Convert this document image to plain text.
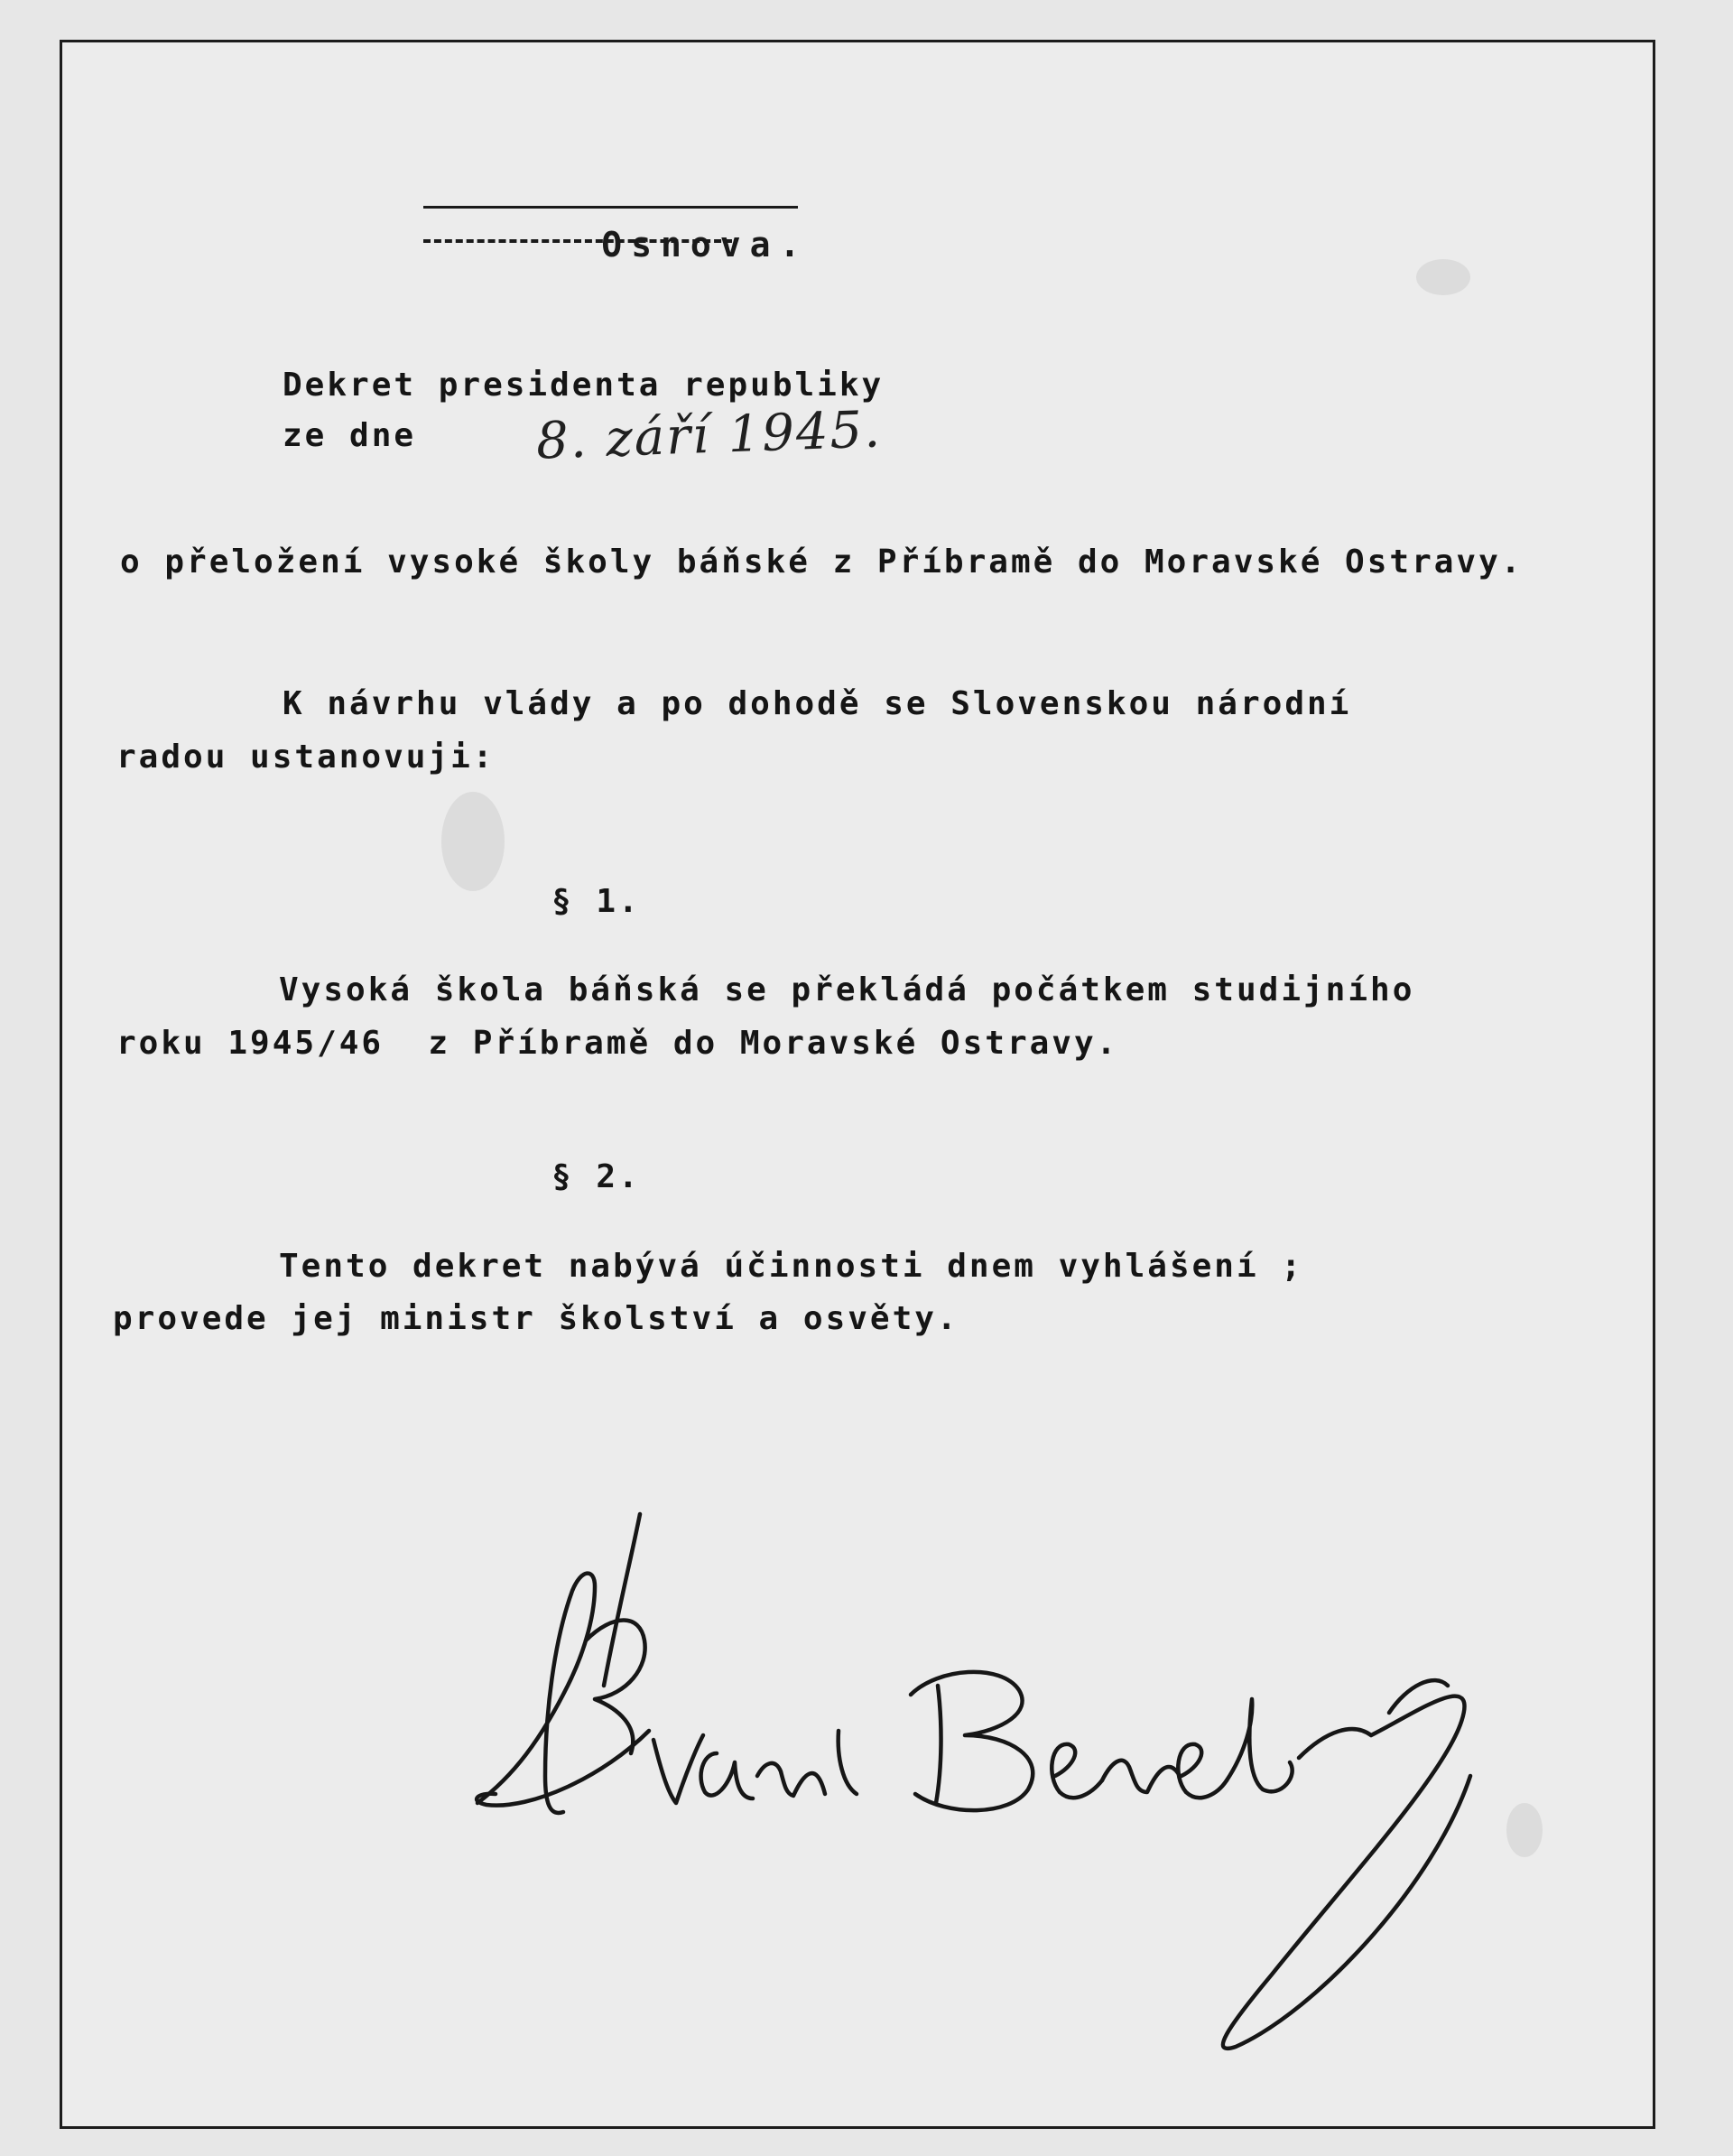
Osnova.

Dekret presidenta republiky
ze dne 8. září 1945.
o přeložení vysoké školy báňské z Příbramě do Moravské Ostravy.
K návrhu vlády a po dohodě se Slovenskou národní
radou ustanovuji:
§ 1.
Vysoká škola báňská se překládá počátkem studijního
roku 1945/46  z Příbramě do Moravské Ostravy.
§ 2.
Tento dekret nabývá účinnosti dnem vyhlášení ;
provede jej ministr školství a osvěty.
